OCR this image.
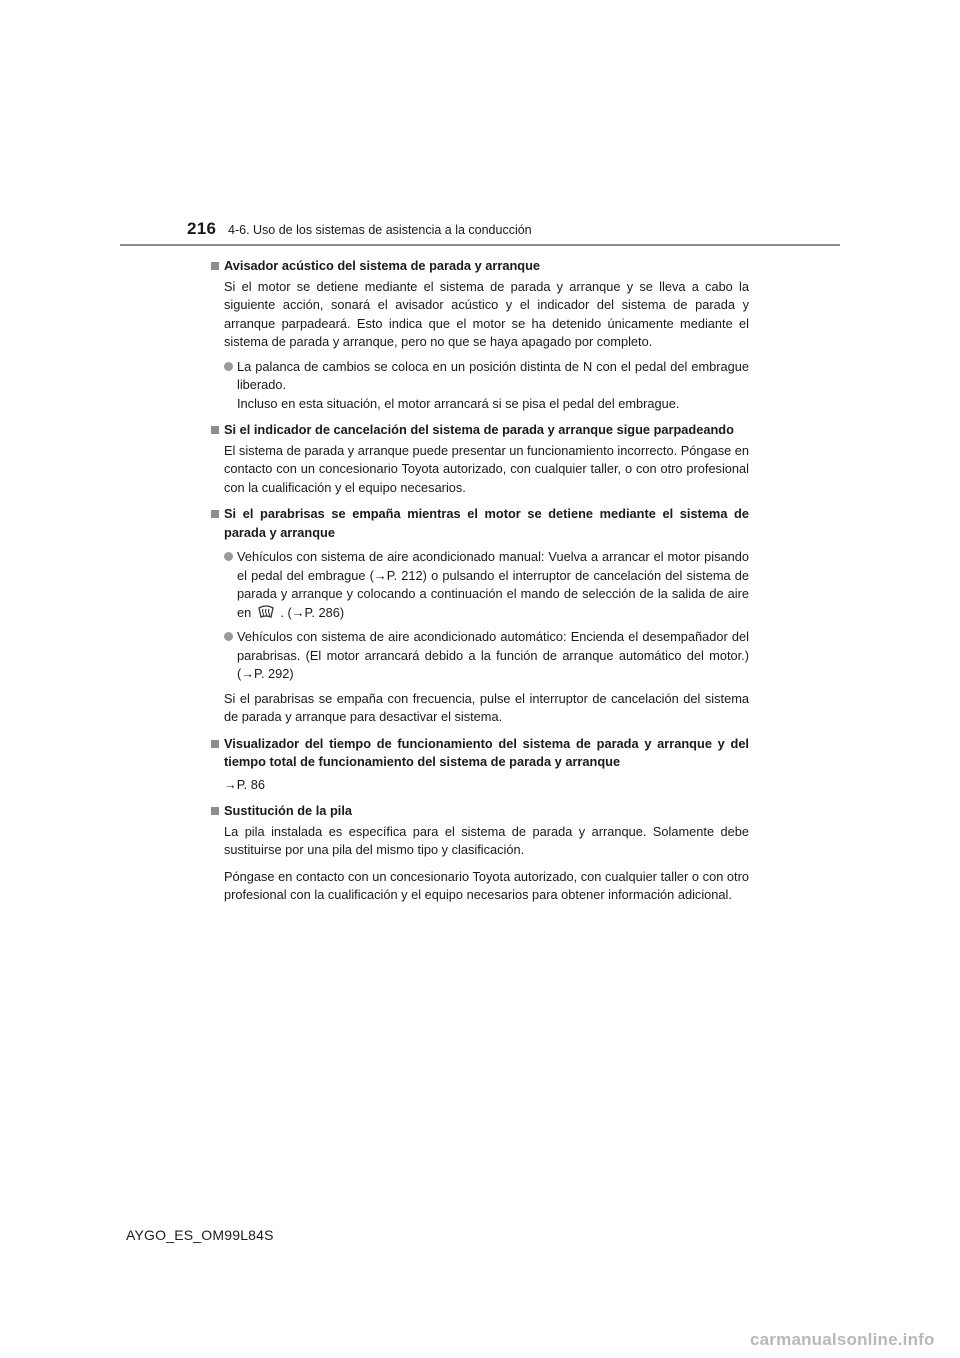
216 4-6. Uso de los sistemas de asistencia a la conducción
Avisador acústico del sistema de parada y arranque
Si el motor se detiene mediante el sistema de parada y arranque y se lleva a cabo la siguiente acción, sonará el avisador acústico y el indicador del sistema de parada y arranque parpadeará. Esto indica que el motor se ha detenido únicamente mediante el sistema de parada y arranque, pero no que se haya apagado por completo.
La palanca de cambios se coloca en un posición distinta de N con el pedal del embrague liberado.
Incluso en esta situación, el motor arrancará si se pisa el pedal del embrague.
Si el indicador de cancelación del sistema de parada y arranque sigue parpadeando
El sistema de parada y arranque puede presentar un funcionamiento incorrecto. Póngase en contacto con un concesionario Toyota autorizado, con cualquier taller, o con otro profesional con la cualificación y el equipo necesarios.
Si el parabrisas se empaña mientras el motor se detiene mediante el sistema de parada y arranque
Vehículos con sistema de aire acondicionado manual: Vuelva a arrancar el motor pisando el pedal del embrague (→P. 212) o pulsando el interruptor de cancelación del sistema de parada y arranque y colocando a continuación el mando de selección de la salida de aire en . (→P. 286)
Vehículos con sistema de aire acondicionado automático: Encienda el desempañador del parabrisas. (El motor arrancará debido a la función de arranque automático del motor.) (→P. 292)
Si el parabrisas se empaña con frecuencia, pulse el interruptor de cancelación del sistema de parada y arranque para desactivar el sistema.
Visualizador del tiempo de funcionamiento del sistema de parada y arranque y del tiempo total de funcionamiento del sistema de parada y arranque
→P. 86
Sustitución de la pila
La pila instalada es específica para el sistema de parada y arranque. Solamente debe sustituirse por una pila del mismo tipo y clasificación.
Póngase en contacto con un concesionario Toyota autorizado, con cualquier taller o con otro profesional con la cualificación y el equipo necesarios para obtener información adicional.
AYGO_ES_OM99L84S
carmanualsonline.info
